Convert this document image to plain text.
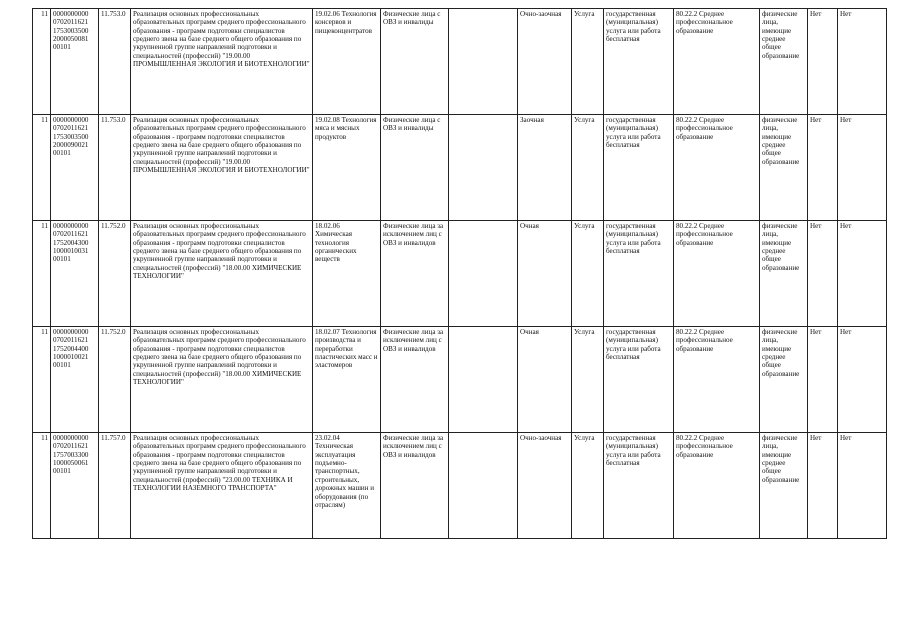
11	0000000000 0702011621 1753003500 2000050081 00101	11.753.0	Реализация основных профессиональных образовательных программ среднего профессионального образования - программ подготовки специалистов среднего звена на базе среднего общего образования по укрупненной группе направлений подготовки и специальностей (профессий) "19.00.00 ПРОМЫШЛЕННАЯ ЭКОЛОГИЯ И БИОТЕХНОЛОГИИ"	19.02.06 Технология консервов и пищеконцентратов	Физические лица с ОВЗ и инвалиды		Очно-заочная	Услуга	государственная (муниципальная) услуга или работа бесплатная	80.22.2 Среднее профессиональное образование	физические лица, имеющие среднее общее образование	Нет	Нет
11	0000000000 0702011621 1753003500 2000090021 00101	11.753.0	Реализация основных профессиональных образовательных программ среднего профессионального образования - программ подготовки специалистов среднего звена на базе среднего общего образования по укрупненной группе направлений подготовки и специальностей (профессий) "19.00.00 ПРОМЫШЛЕННАЯ ЭКОЛОГИЯ И БИОТЕХНОЛОГИИ"	19.02.08 Технология мяса и мясных продуктов	Физические лица с ОВЗ и инвалиды		Заочная	Услуга	государственная (муниципальная) услуга или работа бесплатная	80.22.2 Среднее профессиональное образование	физические лица, имеющие среднее общее образование	Нет	Нет
11	0000000000 0702011621 1752004300 1000010031 00101	11.752.0	Реализация основных профессиональных образовательных программ среднего профессионального образования - программ подготовки специалистов среднего звена на базе среднего общего образования по укрупненной группе направлений подготовки и специальностей (профессий) "18.00.00 ХИМИЧЕСКИЕ ТЕХНОЛОГИИ"	18.02.06 Химическая технология органических веществ	Физические лица за исключением лиц с ОВЗ и инвалидов		Очная	Услуга	государственная (муниципальная) услуга или работа бесплатная	80.22.2 Среднее профессиональное образование	физические лица, имеющие среднее общее образование	Нет	Нет
11	0000000000 0702011621 1752004400 1000010021 00101	11.752.0	Реализация основных профессиональных образовательных программ среднего профессионального образования - программ подготовки специалистов среднего звена на базе среднего общего образования по укрупненной группе направлений подготовки и специальностей (профессий) "18.00.00 ХИМИЧЕСКИЕ ТЕХНОЛОГИИ"	18.02.07 Технология производства и переработки пластических масс и эластомеров	Физические лица за исключением лиц с ОВЗ и инвалидов		Очная	Услуга	государственная (муниципальная) услуга или работа бесплатная	80.22.2 Среднее профессиональное образование	физические лица, имеющие среднее общее образование	Нет	Нет
11	0000000000 0702011621 1757003300 1000050061 00101	11.757.0	Реализация основных профессиональных образовательных программ среднего профессионального образования - программ подготовки специалистов среднего звена на базе среднего общего образования по укрупненной группе направлений подготовки и специальностей (профессий) "23.00.00 ТЕХНИКА И ТЕХНОЛОГИИ НАЗЕМНОГО ТРАНСПОРТА"	23.02.04 Техническая эксплуатация подъемно-транспортных, строительных, дорожных машин и оборудования (по отраслям)	Физические лица за исключением лиц с ОВЗ и инвалидов		Очно-заочная	Услуга	государственная (муниципальная) услуга или работа бесплатная	80.22.2 Среднее профессиональное образование	физические лица, имеющие среднее общее образование	Нет	Нет
